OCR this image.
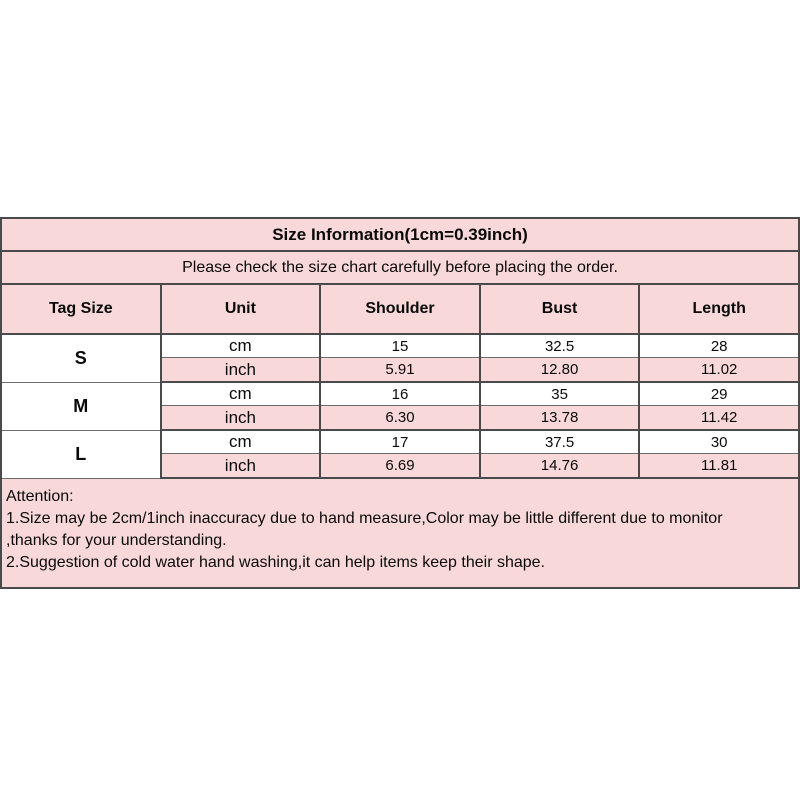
Size Information(1cm=0.39inch)				
Please check the size chart carefully before placing the order.				
Tag Size	Unit	Shoulder	Bust	Length
S	cm	15	32.5	28
	inch	5.91	12.80	11.02
M	cm	16	35	29
	inch	6.30	13.78	11.42
L	cm	17	37.5	30
	inch	6.69	14.76	11.81

Attention:
1.Size may be 2cm/1inch inaccuracy due to hand measure,Color may be little different due to monitor
,thanks for your understanding.
2.Suggestion of cold water hand washing,it can help items keep their shape.				
